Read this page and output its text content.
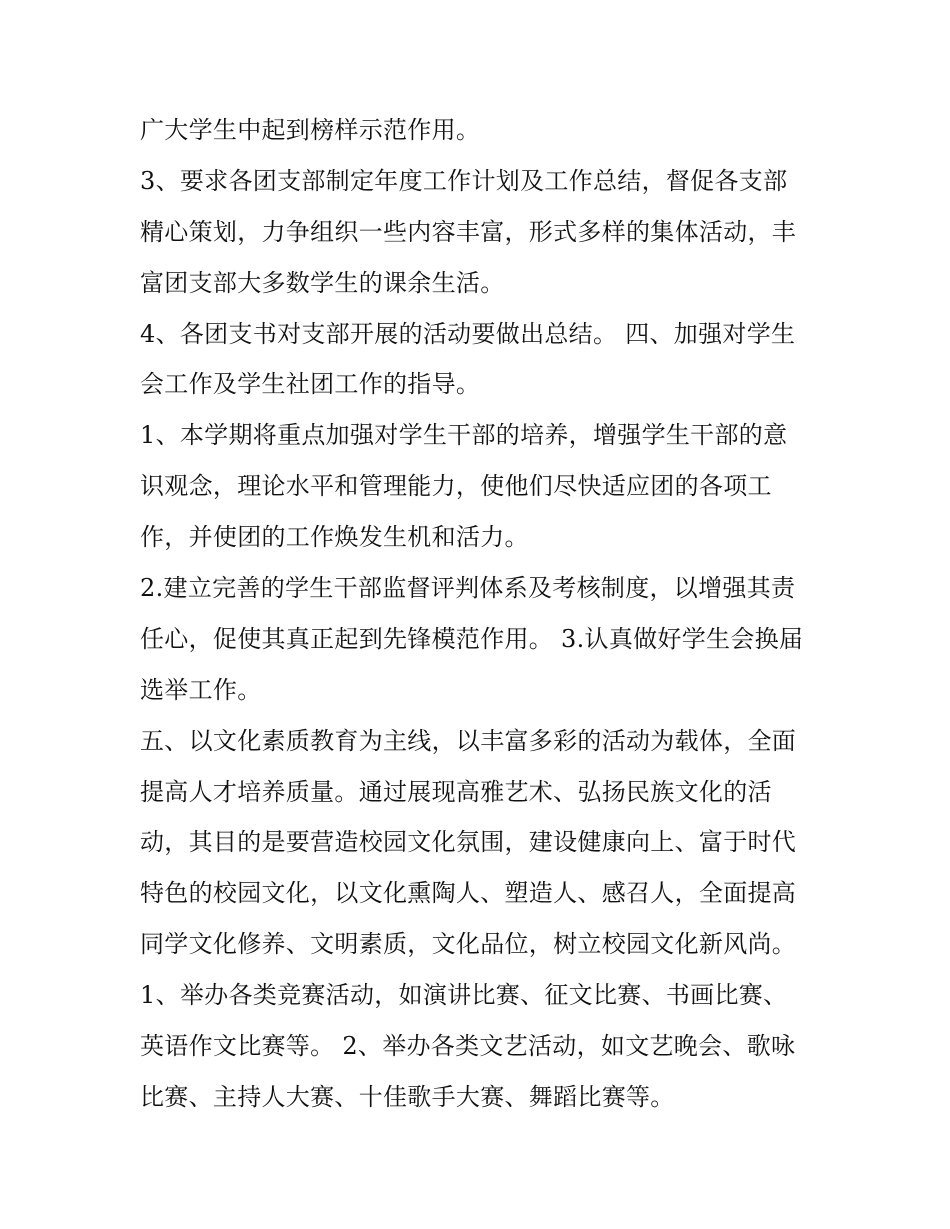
广大学生中起到榜样示范作用。
3、要求各团支部制定年度工作计划及工作总结，督促各支部
精心策划，力争组织一些内容丰富，形式多样的集体活动，丰
富团支部大多数学生的课余生活。
4、各团支书对支部开展的活动要做出总结。 四、加强对学生
会工作及学生社团工作的指导。
1、本学期将重点加强对学生干部的培养，增强学生干部的意
识观念，理论水平和管理能力，使他们尽快适应团的各项工
作，并使团的工作焕发生机和活力。
2.建立完善的学生干部监督评判体系及考核制度，以增强其责
任心，促使其真正起到先锋模范作用。 3.认真做好学生会换届
选举工作。
五、以文化素质教育为主线，以丰富多彩的活动为载体，全面
提高人才培养质量。通过展现高雅艺术、弘扬民族文化的活
动，其目的是要营造校园文化氛围，建设健康向上、富于时代
特色的校园文化，以文化熏陶人、塑造人、感召人，全面提高
同学文化修养、文明素质，文化品位，树立校园文化新风尚。
1、举办各类竞赛活动，如演讲比赛、征文比赛、书画比赛、
英语作文比赛等。 2、举办各类文艺活动，如文艺晚会、歌咏
比赛、主持人大赛、十佳歌手大赛、舞蹈比赛等。
